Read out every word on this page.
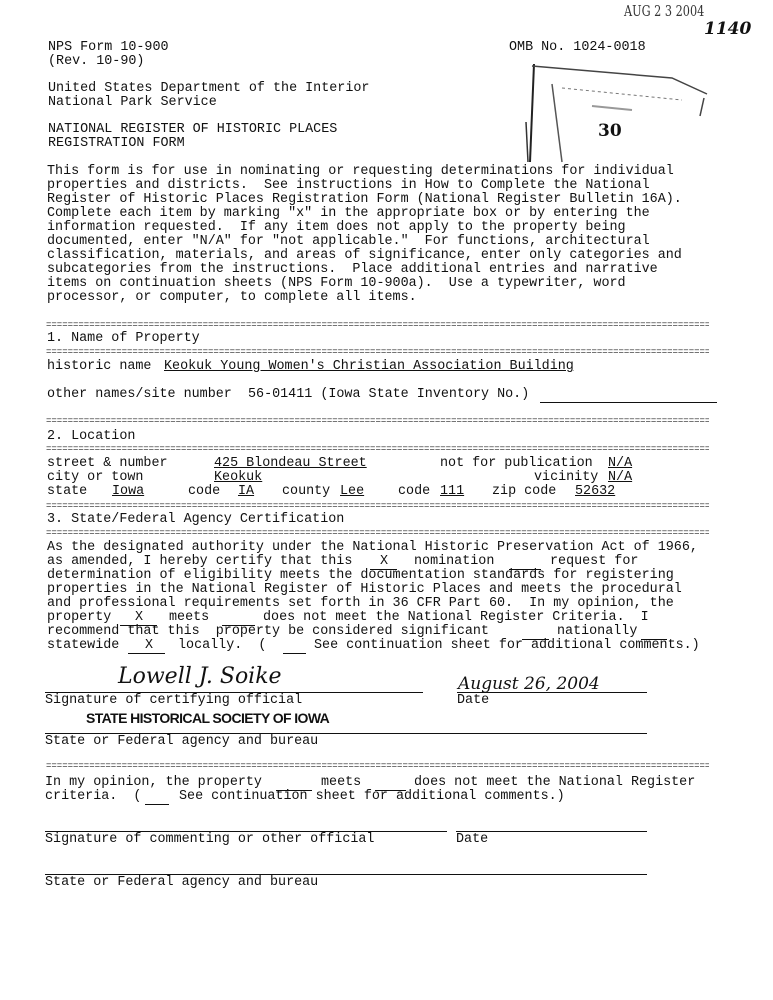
AUG 2 3 2004
1140
30
NPS Form 10-900
(Rev. 10-90)
OMB No. 1024-0018
United States Department of the Interior
National Park Service
NATIONAL REGISTER OF HISTORIC PLACES
REGISTRATION FORM
This form is for use in nominating or requesting determinations for individual
properties and districts.  See instructions in How to Complete the National
Register of Historic Places Registration Form (National Register Bulletin 16A).
Complete each item by marking "x" in the appropriate box or by entering the
information requested.  If any item does not apply to the property being
documented, enter "N/A" for "not applicable."  For functions, architectural
classification, materials, and areas of significance, enter only categories and
subcategories from the instructions.  Place additional entries and narrative
items on continuation sheets (NPS Form 10-900a).  Use a typewriter, word
processor, or computer, to complete all items.
=====
1. Name of Property
=====
historic name Keokuk Young Women's Christian Association Building
other names/site number 56-01411 (Iowa State Inventory No.)
=====
2. Location
=====
street & number	425 Blondeau Street	not for publication N/A
city or town	Keokuk	vicinity N/A
state Iowa	code IA county Lee	code 111 zip code 52632
=====
3. State/Federal Agency Certification
=====
As the designated authority under the National Historic Preservation Act of 1966,
as amended, I hereby certify that this X nomination	request for
determination of eligibility meets the documentation standards for registering
properties in the National Register of Historic Places and meets the procedural
and professional requirements set forth in 36 CFR Part 60.  In my opinion, the
property X meets	does not meet the National Register Criteria.  I
recommend that this  property be considered significant	nationally
statewide X locally.  (	See continuation sheet for additional comments.)
Lowell J. Soike
Signature of certifying official
August 26, 2004
Date
STATE HISTORICAL SOCIETY OF IOWA
State or Federal agency and bureau
=====
In my opinion, the property	meets	does not meet the National Register
criteria.  (	See continuation sheet for additional comments.)
Signature of commenting or other official	Date
State or Federal agency and bureau
